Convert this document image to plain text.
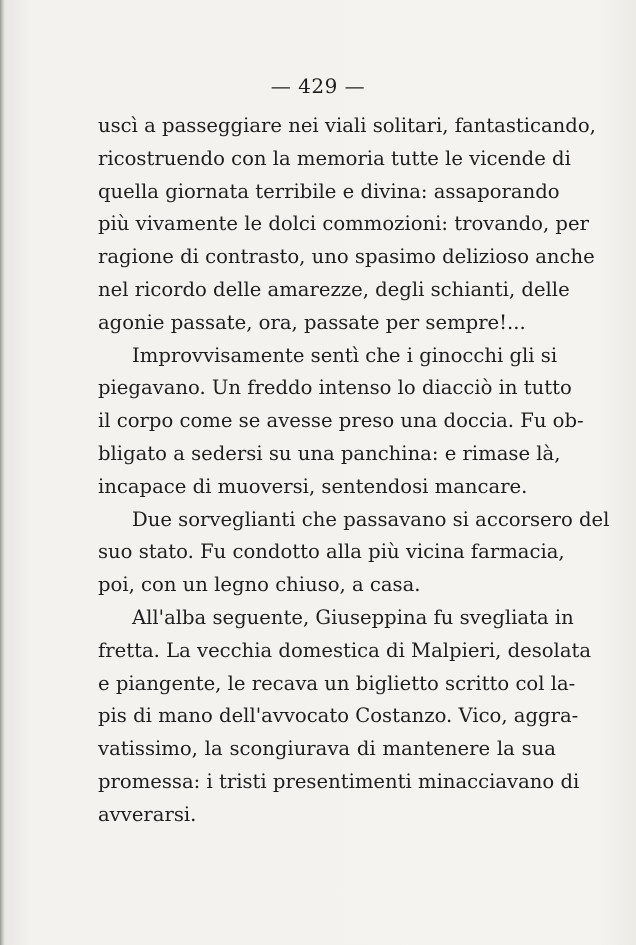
— 429 —

uscì a passeggiare nei viali solitari, fantasticando,
ricostruendo con la memoria tutte le vicende di
quella giornata terribile e divina: assaporando
più vivamente le dolci commozioni: trovando, per
ragione di contrasto, uno spasimo delizioso anche
nel ricordo delle amarezze, degli schianti, delle
agonie passate, ora, passate per sempre!...

Improvvisamente sentì che i ginocchi gli si
piegavano. Un freddo intenso lo diacciò in tutto
il corpo come se avesse preso una doccia. Fu ob-
bligato a sedersi su una panchina: e rimase là,
incapace di muoversi, sentendosi mancare.

Due sorveglianti che passavano si accorsero del
suo stato. Fu condotto alla più vicina farmacia,
poi, con un legno chiuso, a casa.

All'alba seguente, Giuseppina fu svegliata in
fretta. La vecchia domestica di Malpieri, desolata
e piangente, le recava un biglietto scritto col la-
pis di mano dell'avvocato Costanzo. Vico, aggra-
vatissimo, la scongiurava di mantenere la sua
promessa: i tristi presentimenti minacciavano di
avverarsi.
